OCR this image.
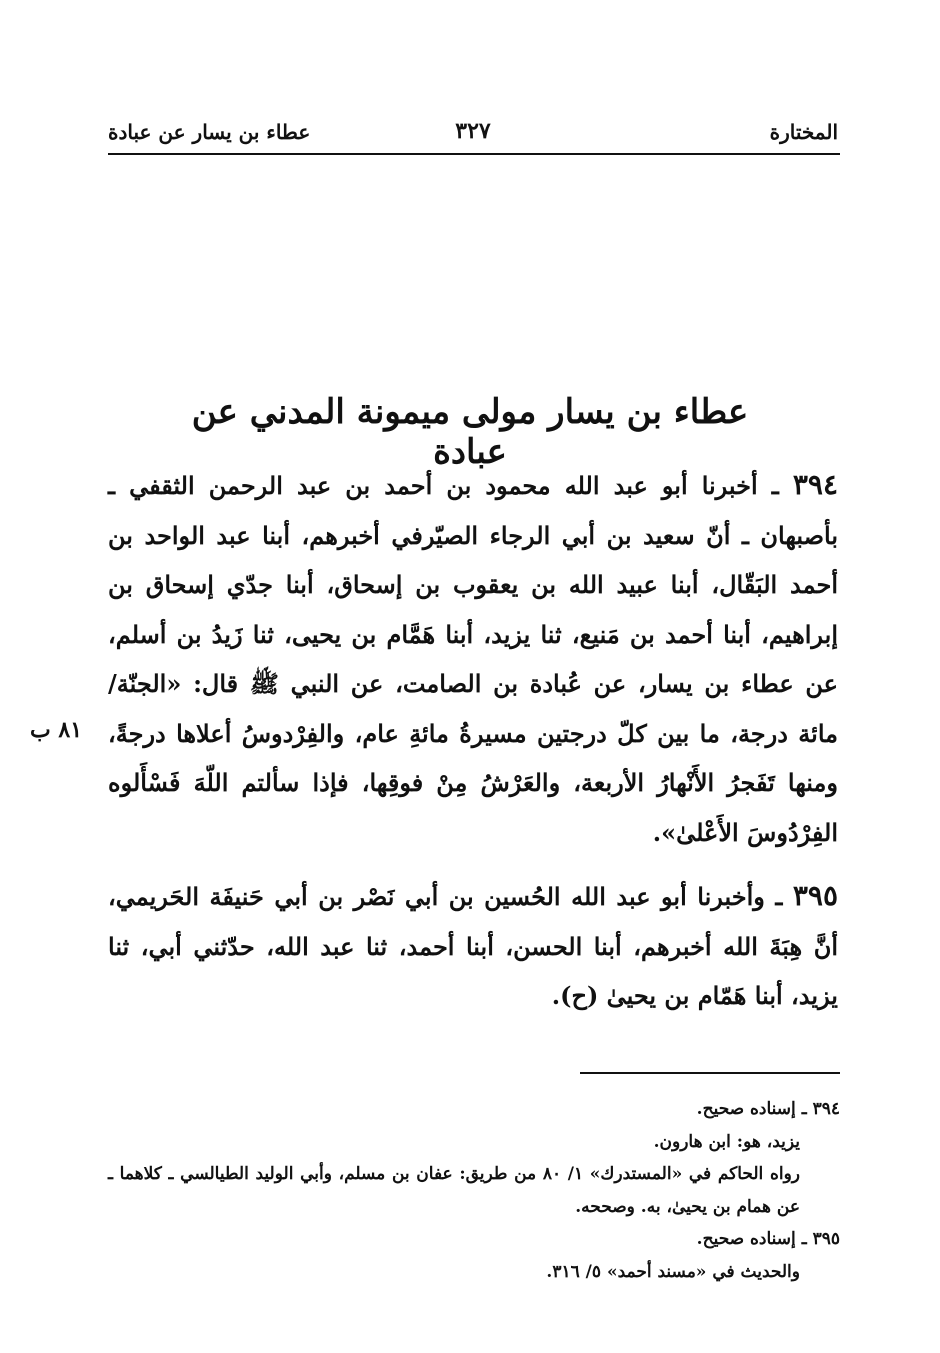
المختارة
٣٢٧
عطاء بن يسار عن عبادة
عطاء بن يسار مولى ميمونة المدني عن عبادة

٣٩٤ ـ أخبرنا أبو عبد الله محمود بن أحمد بن عبد الرحمن الثقفي ـ بأصبهان ـ أنّ سعيد بن أبي الرجاء الصيّرفي أخبرهم، أبنا عبد الواحد بن أحمد البَقّال، أبنا عبيد الله بن يعقوب بن إسحاق، أبنا جدّي إسحاق بن إبراهيم، أبنا أحمد بن مَنيع، ثنا يزيد، أبنا هَمَّام بن يحيى، ثنا زَيدُ بن أسلم، عن عطاء بن يسار، عن عُبادة بن الصامت، عن النبي ﷺ قال: «الجنّة/ مائة درجة، ما بين كلّ درجتين مسيرةُ مائةِ عام، والفِرْدوسُ أعلاها درجةً، ومنها تَفَجرُ الأَنْهارُ الأربعة، والعَرْشُ مِنْ فوقِها، فإذا سألتم اللّهَ فَسْأَلوه الفِرْدُوسَ الأَعْلىٰ».

٣٩٥ ـ وأخبرنا أبو عبد الله الحُسين بن أبي نَصْر بن أبي حَنيفَة الحَريمي، أنَّ هِبَةَ الله أخبرهم، أبنا الحسن، أبنا أحمد، ثنا عبد الله، حدّثني أبي، ثنا يزيد، أبنا هَمّام بن يحيىٰ (ح).

٨١ ب
٣٩٤ ـ إسناده صحيح.
يزيد، هو: ابن هارون.
رواه الحاكم في «المستدرك» ١/ ٨٠ من طريق: عفان بن مسلم، وأبي الوليد الطيالسي ـ كلاهما ـ عن همام بن يحيىٰ، به. وصححه.
٣٩٥ ـ إسناده صحيح.
والحديث في «مسند أحمد» ٥/ ٣١٦.
